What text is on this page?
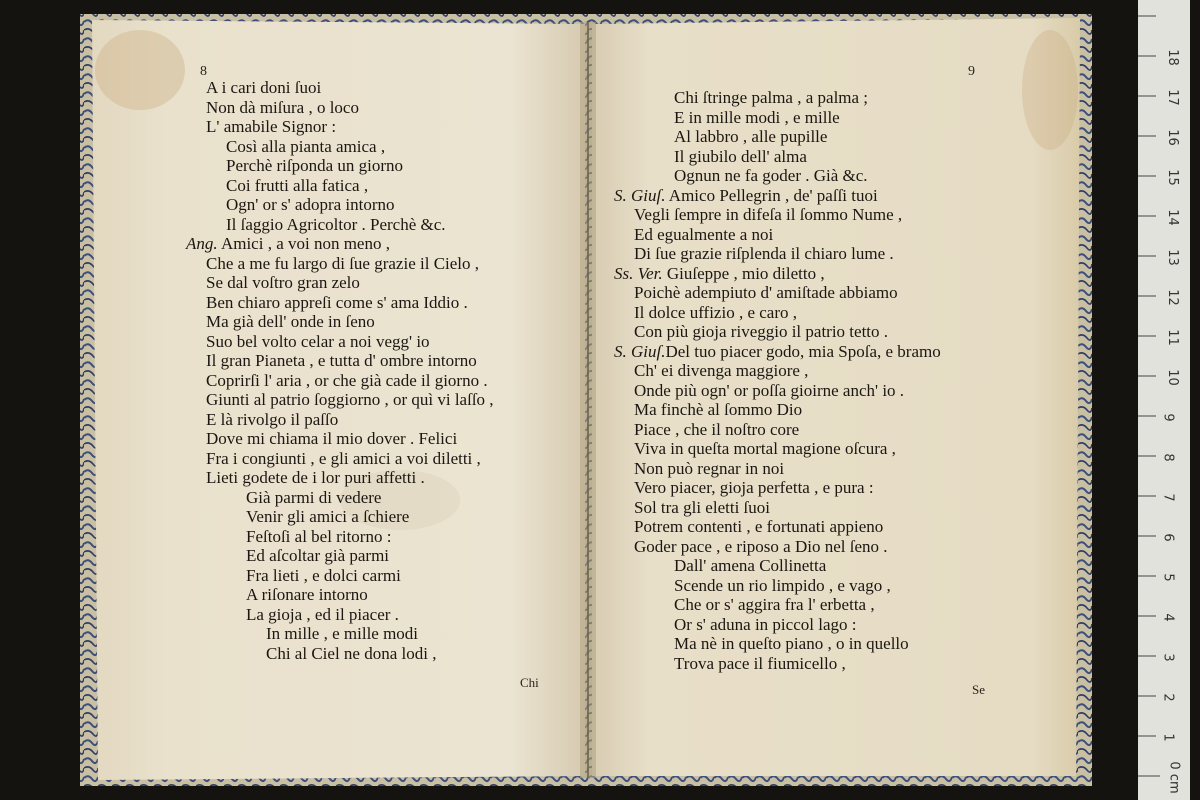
8
A i cari doni ſuoi
Non dà miſura , o loco
L' amabile Signor :
Così alla pianta amica ,
Perchè riſponda un giorno
Coi frutti alla fatica ,
Ogn' or s' adopra intorno
Il ſaggio Agricoltor . Perchè &c.
Ang. Amici , a voi non meno ,
Che a me fu largo di ſue grazie il Cielo ,
Se dal voſtro gran zelo
Ben chiaro appreſi come s' ama Iddio .
Ma già dell' onde in ſeno
Suo bel volto celar a noi vegg' io
Il gran Pianeta , e tutta d' ombre intorno
Coprirſi l' aria , or che già cade il giorno .
Giunti al patrio ſoggiorno , or quì vi laſſo ,
E là rivolgo il paſſo
Dove mi chiama il mio dover . Felici
Fra i congiunti , e gli amici a voi diletti ,
Lieti godete de i lor puri affetti .
Già parmi di vedere
Venir gli amici a ſchiere
Feſtoſi al bel ritorno :
Ed aſcoltar già parmi
Fra lieti , e dolci carmi
A riſonare intorno
La gioja , ed il piacer .
In mille , e mille modi
Chi al Ciel ne dona lodi ,
Chi
9
Chi ſtringe palma , a palma ;
E in mille modi , e mille
Al labbro , alle pupille
Il giubilo dell' alma
Ognun ne fa goder . Già &c.
S. Giuſ. Amico Pellegrin , de' paſſi tuoi
Vegli ſempre in difeſa il ſommo Nume ,
Ed egualmente a noi
Di ſue grazie riſplenda il chiaro lume .
Ss. Ver. Giuſeppe , mio diletto ,
Poichè adempiuto d' amiſtade abbiamo
Il dolce uffizio , e caro ,
Con più gioja riveggio il patrio tetto .
S. Giuſ.Del tuo piacer godo, mia Spoſa, e bramo
Ch' ei divenga maggiore ,
Onde più ogn' or poſſa gioirne anch' io .
Ma finchè al ſommo Dio
Piace , che il noſtro core
Viva in queſta mortal magione oſcura ,
Non può regnar in noi
Vero piacer, gioja perfetta , e pura :
Sol tra gli eletti ſuoi
Potrem contenti , e fortunati appieno
Goder pace , e riposo a Dio nel ſeno .
Dall' amena Collinetta
Scende un rio limpido , e vago ,
Che or s' aggira fra l' erbetta ,
Or s' aduna in piccol lago :
Ma nè in queſto piano , o in quello
Trova pace il fiumicello ,
Se
0 cm
1
2
3
4
5
6
7
8
9
10
11
12
13
14
15
16
17
18
